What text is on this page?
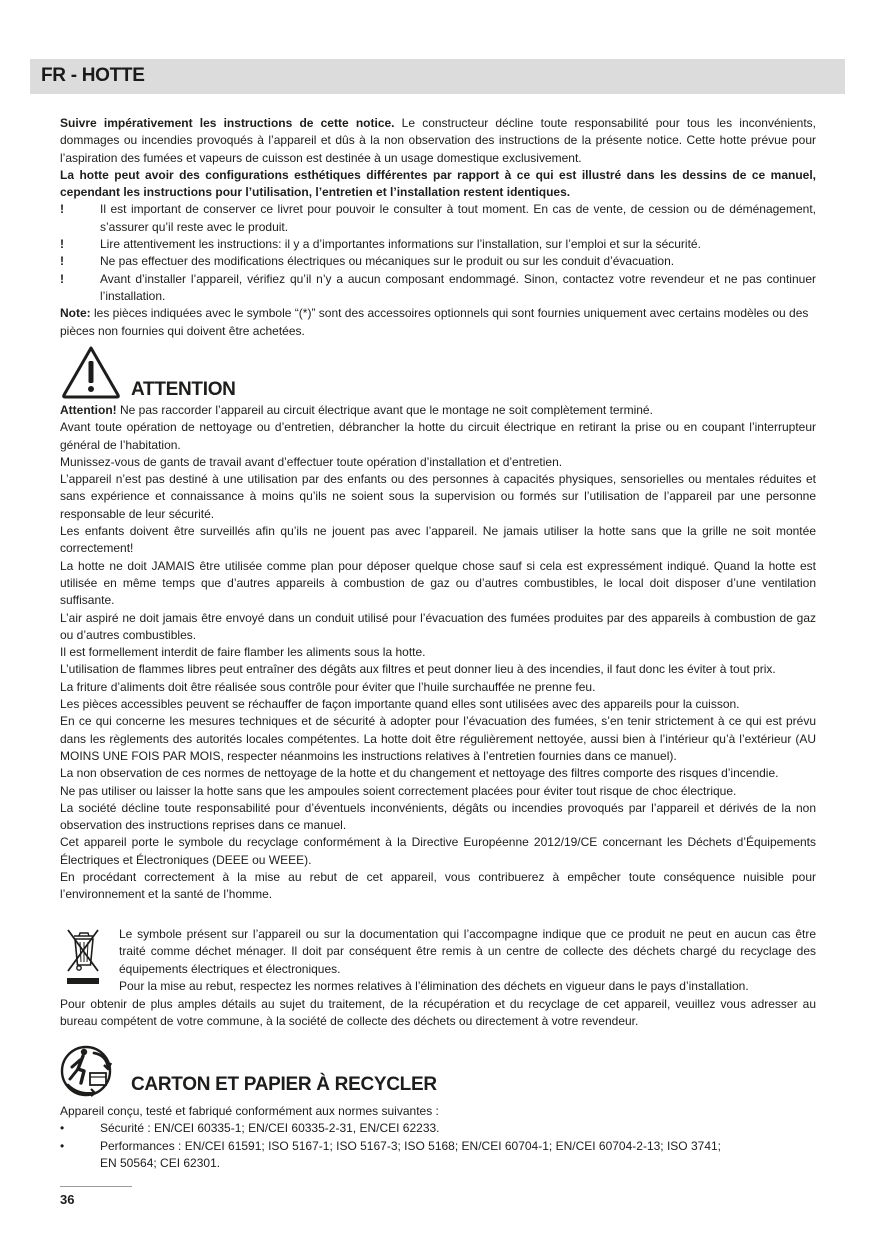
FR - HOTTE

Suivre impérativement les instructions de cette notice. Le constructeur décline toute responsabilité pour tous les inconvénients, dommages ou incendies provoqués à l’appareil et dûs à la non observation des instructions de la présente notice. Cette hotte prévue pour l’aspiration des fumées et vapeurs de cuisson est destinée à un usage domestique exclusivement.

La hotte peut avoir des configurations esthétiques différentes par rapport à ce qui est illustré dans les dessins de ce manuel, cependant les instructions pour l’utilisation, l’entretien et l’installation restent identiques.

!	Il est important de conserver ce livret pour pouvoir le consulter à tout moment. En cas de vente, de cession ou de déménagement, s’assurer qu’il reste avec le produit.
!	Lire attentivement les instructions: il y a d’importantes informations sur l’installation, sur l’emploi et sur la sécurité.
!	Ne pas effectuer des modifications électriques ou mécaniques sur le produit ou sur les conduit d’évacuation.
!	Avant d’installer l’appareil, vérifiez qu’il n’y a aucun composant endommagé. Sinon, contactez votre revendeur et ne pas continuer l’installation.

Note: les pièces indiquées avec le symbole “(*)” sont des accessoires optionnels qui sont fournies uniquement avec certains modèles ou des pièces non fournies qui doivent être achetées.

ATTENTION

Attention! Ne pas raccorder l’appareil au circuit électrique avant que le montage ne soit complètement terminé.

Avant toute opération de nettoyage ou d’entretien, débrancher la hotte du circuit électrique en retirant la prise ou en coupant l’interrupteur général de l’habitation.

Munissez-vous de gants de travail avant d’effectuer toute opération d’installation et d’entretien.

L’appareil n’est pas destiné à une utilisation par des enfants ou des personnes à capacités physiques, sensorielles ou mentales réduites et sans expérience et connaissance à moins qu’ils ne soient sous la supervision ou formés sur l’utilisation de l’appareil par une personne responsable de leur sécurité.

Les enfants doivent être surveillés afin qu’ils ne jouent pas avec l’appareil. Ne jamais utiliser la hotte sans que la grille ne soit montée correctement!

La hotte ne doit JAMAIS être utilisée comme plan pour déposer quelque chose sauf si cela est expressément indiqué. Quand la hotte est utilisée en même temps que d’autres appareils à combustion de gaz ou d’autres combustibles, le local doit disposer d’une ventilation suffisante.

L’air aspiré ne doit jamais être envoyé dans un conduit utilisé pour l’évacuation des fumées produites par des appareils à combustion de gaz ou d’autres combustibles.

Il est formellement interdit de faire flamber les aliments sous la hotte.

L’utilisation de flammes libres peut entraîner des dégâts aux filtres et peut donner lieu à des incendies, il faut donc les éviter à tout prix.

La friture d’aliments doit être réalisée sous contrôle pour éviter que l’huile surchauffée ne prenne feu.

Les pièces accessibles peuvent se réchauffer de façon importante quand elles sont utilisées avec des appareils pour la cuisson.

En ce qui concerne les mesures techniques et de sécurité à adopter pour l’évacuation des fumées, s’en tenir strictement à ce qui est prévu dans les règlements des autorités locales compétentes. La hotte doit être régulièrement nettoyée, aussi bien à l’intérieur qu’à l’extérieur (AU MOINS UNE FOIS PAR MOIS, respecter néanmoins les instructions relatives à l’entretien fournies dans ce manuel).

La non observation de ces normes de nettoyage de la hotte et du changement et nettoyage des filtres comporte des risques d’incendie.

Ne pas utiliser ou laisser la hotte sans que les ampoules soient correctement placées pour éviter tout risque de choc électrique.

La société décline toute responsabilité pour d’éventuels inconvénients, dégâts ou incendies provoqués par l’appareil et dérivés de la non observation des instructions reprises dans ce manuel.

Cet appareil porte le symbole du recyclage conformément à la Directive Européenne 2012/19/CE concernant les Déchets d’Équipements Électriques et Électroniques (DEEE ou WEEE).

En procédant correctement à la mise au rebut de cet appareil, vous contribuerez à empêcher toute conséquence nuisible pour l’environnement et la santé de l’homme.

Le symbole présent sur l’appareil ou sur la documentation qui l’accompagne indique que ce produit ne peut en aucun cas être traité comme déchet ménager. Il doit par conséquent être remis à un centre de collecte des déchets chargé du recyclage des équipements électriques et électroniques.

Pour la mise au rebut, respectez les normes relatives à l’élimination des déchets en vigueur dans le pays d’installation.

Pour obtenir de plus amples détails au sujet du traitement, de la récupération et du recyclage de cet appareil, veuillez vous adresser au bureau compétent de votre commune, à la société de collecte des déchets ou directement à votre revendeur.

CARTON ET PAPIER À RECYCLER

Appareil conçu, testé et fabriqué conformément aux normes suivantes :

•	Sécurité : EN/CEI 60335-1; EN/CEI 60335-2-31, EN/CEI 62233.
•	Performances : EN/CEI 61591; ISO 5167-1; ISO 5167-3; ISO 5168; EN/CEI 60704-1; EN/CEI 60704-2-13; ISO 3741; EN 50564; CEI 62301.
36
